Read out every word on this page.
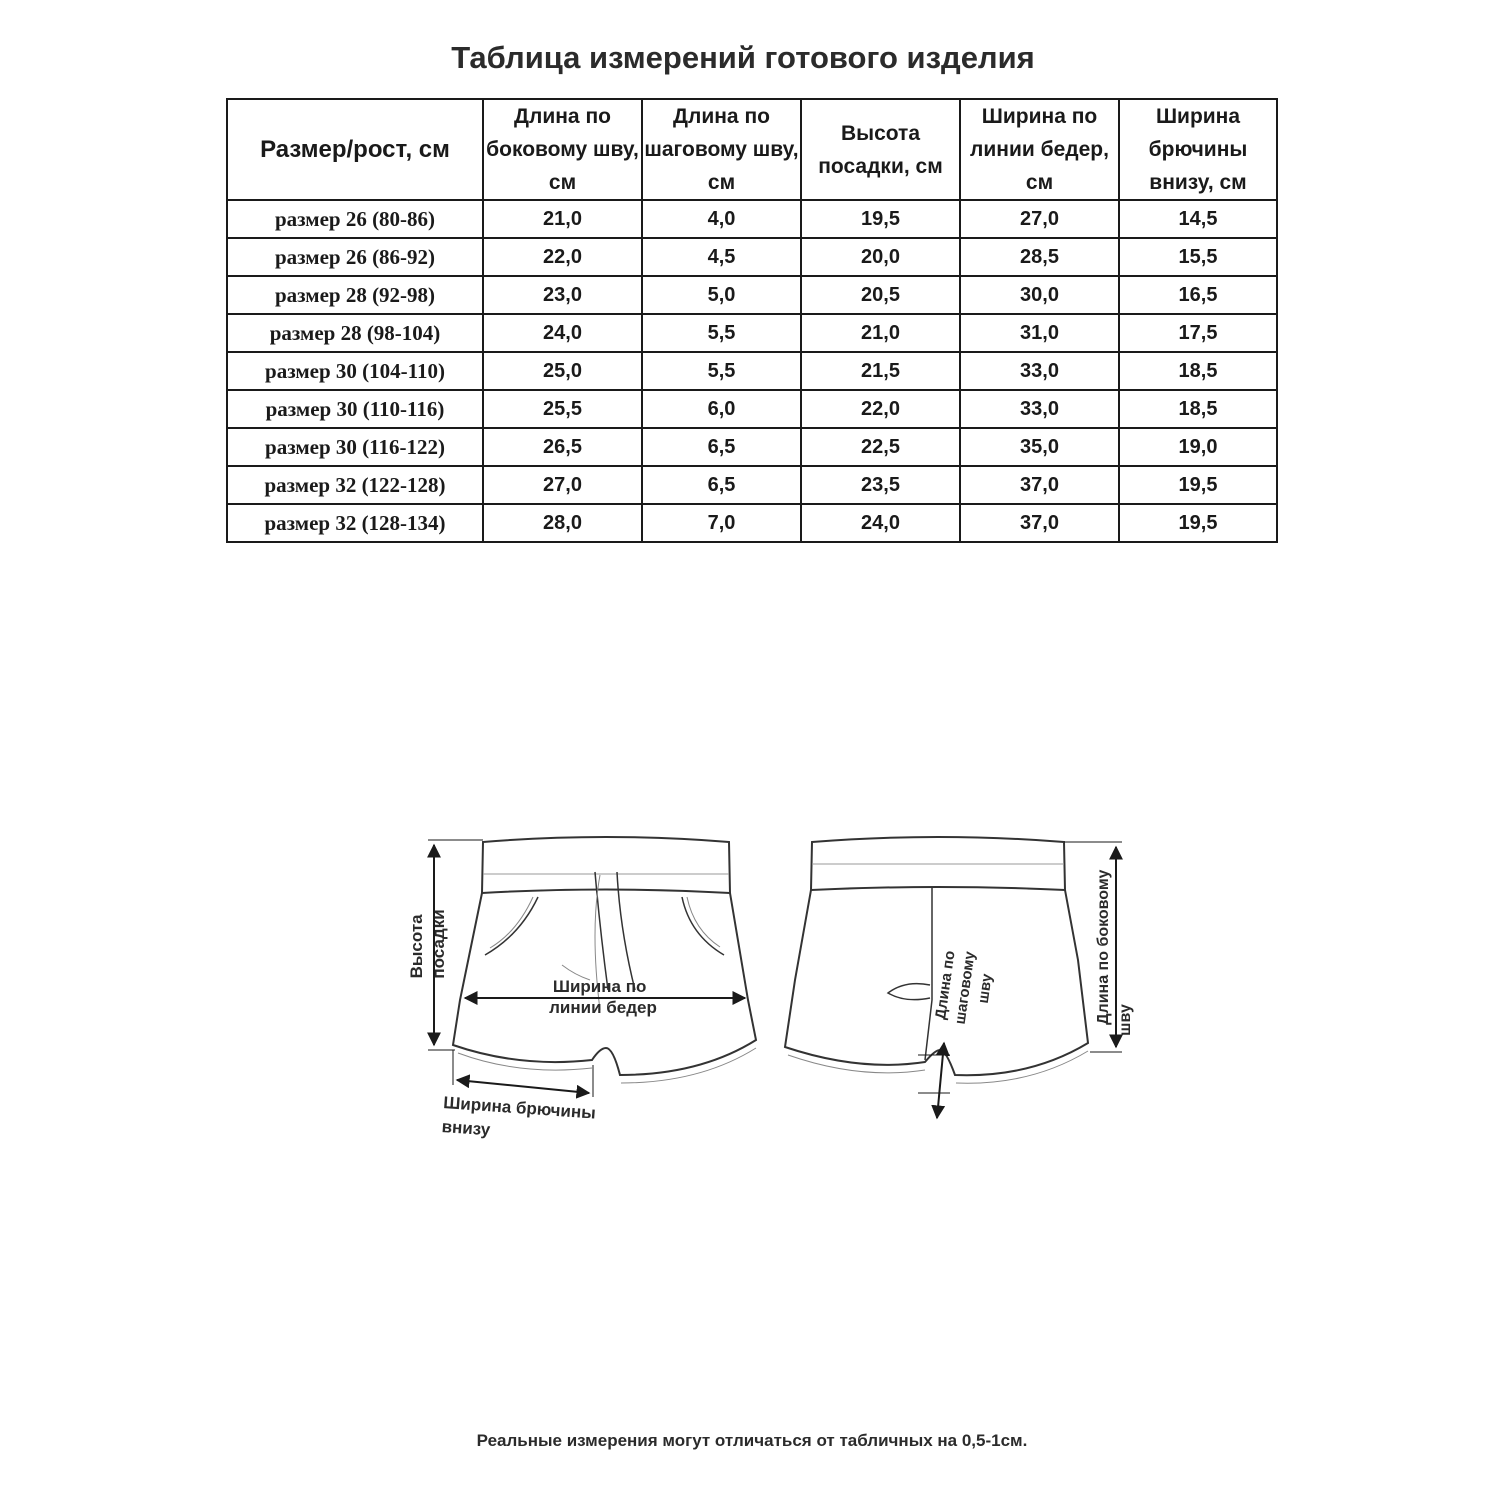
Таблица измерений готового изделия
Размер/рост, см	Длина по боковому шву, см	Длина по шаговому шву, см	Высота посадки, см	Ширина по линии бедер, см	Ширина брючины внизу, см
размер 26 (80-86)	21,0	4,0	19,5	27,0	14,5
размер 26 (86-92)	22,0	4,5	20,0	28,5	15,5
размер 28 (92-98)	23,0	5,0	20,5	30,0	16,5
размер 28 (98-104)	24,0	5,5	21,0	31,0	17,5
размер 30 (104-110)	25,0	5,5	21,5	33,0	18,5
размер 30 (110-116)	25,5	6,0	22,0	33,0	18,5
размер 30 (116-122)	26,5	6,5	22,5	35,0	19,0
размер 32 (122-128)	27,0	6,5	23,5	37,0	19,5
размер 32 (128-134)	28,0	7,0	24,0	37,0	19,5
Высота посадки
Ширина по линии бедер
Ширина брючины внизу
Длина по шаговому шву	Длина по боковому шву
Реальные измерения могут отличаться от табличных на 0,5-1см.
